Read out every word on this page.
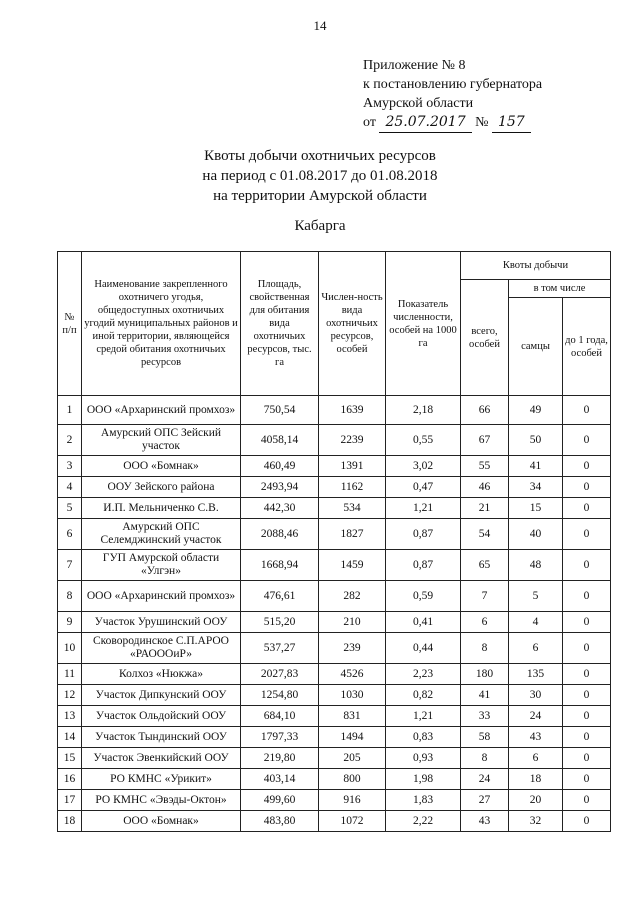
14
Приложение № 8
к постановлению губернатора
Амурской области
от 25.07.2017 № 157
Квоты добычи охотничьих ресурсов
на период с 01.08.2017 до 01.08.2018
на территории Амурской области
Кабарга
№ п/п	Наименование закрепленного охотничего угодья, общедоступных охотничьих угодий муниципальных районов и иной территории, являющейся средой обитания охотничьих ресурсов	Площадь, свойственная для обитания вида охотничьих ресурсов, тыс. га	Числен-ность вида охотничьих ресурсов, особей	Показатель численности, особей на 1000 га	Квоты добычи		
					всего, особей	в том числе	
						самцы	до 1 года, особей
1	ООО «Архаринский промхоз»	750,54	1639	2,18	66	49	0
2	Амурский ОПС Зейский участок	4058,14	2239	0,55	67	50	0
3	ООО «Бомнак»	460,49	1391	3,02	55	41	0
4	ООУ Зейского района	2493,94	1162	0,47	46	34	0
5	И.П. Мельниченко С.В.	442,30	534	1,21	21	15	0
6	Амурский ОПС Селемджинский участок	2088,46	1827	0,87	54	40	0
7	ГУП Амурской области «Улгэн»	1668,94	1459	0,87	65	48	0
8	ООО «Архаринский промхоз»	476,61	282	0,59	7	5	0
9	Участок Урушинский ООУ	515,20	210	0,41	6	4	0
10	Сковородинское С.П.АРОО «РАОООиР»	537,27	239	0,44	8	6	0
11	Колхоз «Нюкжа»	2027,83	4526	2,23	180	135	0
12	Участок Дипкунский ООУ	1254,80	1030	0,82	41	30	0
13	Участок Ольдойский ООУ	684,10	831	1,21	33	24	0
14	Участок Тындинский ООУ	1797,33	1494	0,83	58	43	0
15	Участок Эвенкийский ООУ	219,80	205	0,93	8	6	0
16	РО КМНС «Урикит»	403,14	800	1,98	24	18	0
17	РО КМНС «Эвэды-Октон»	499,60	916	1,83	27	20	0
18	ООО «Бомнак»	483,80	1072	2,22	43	32	0
